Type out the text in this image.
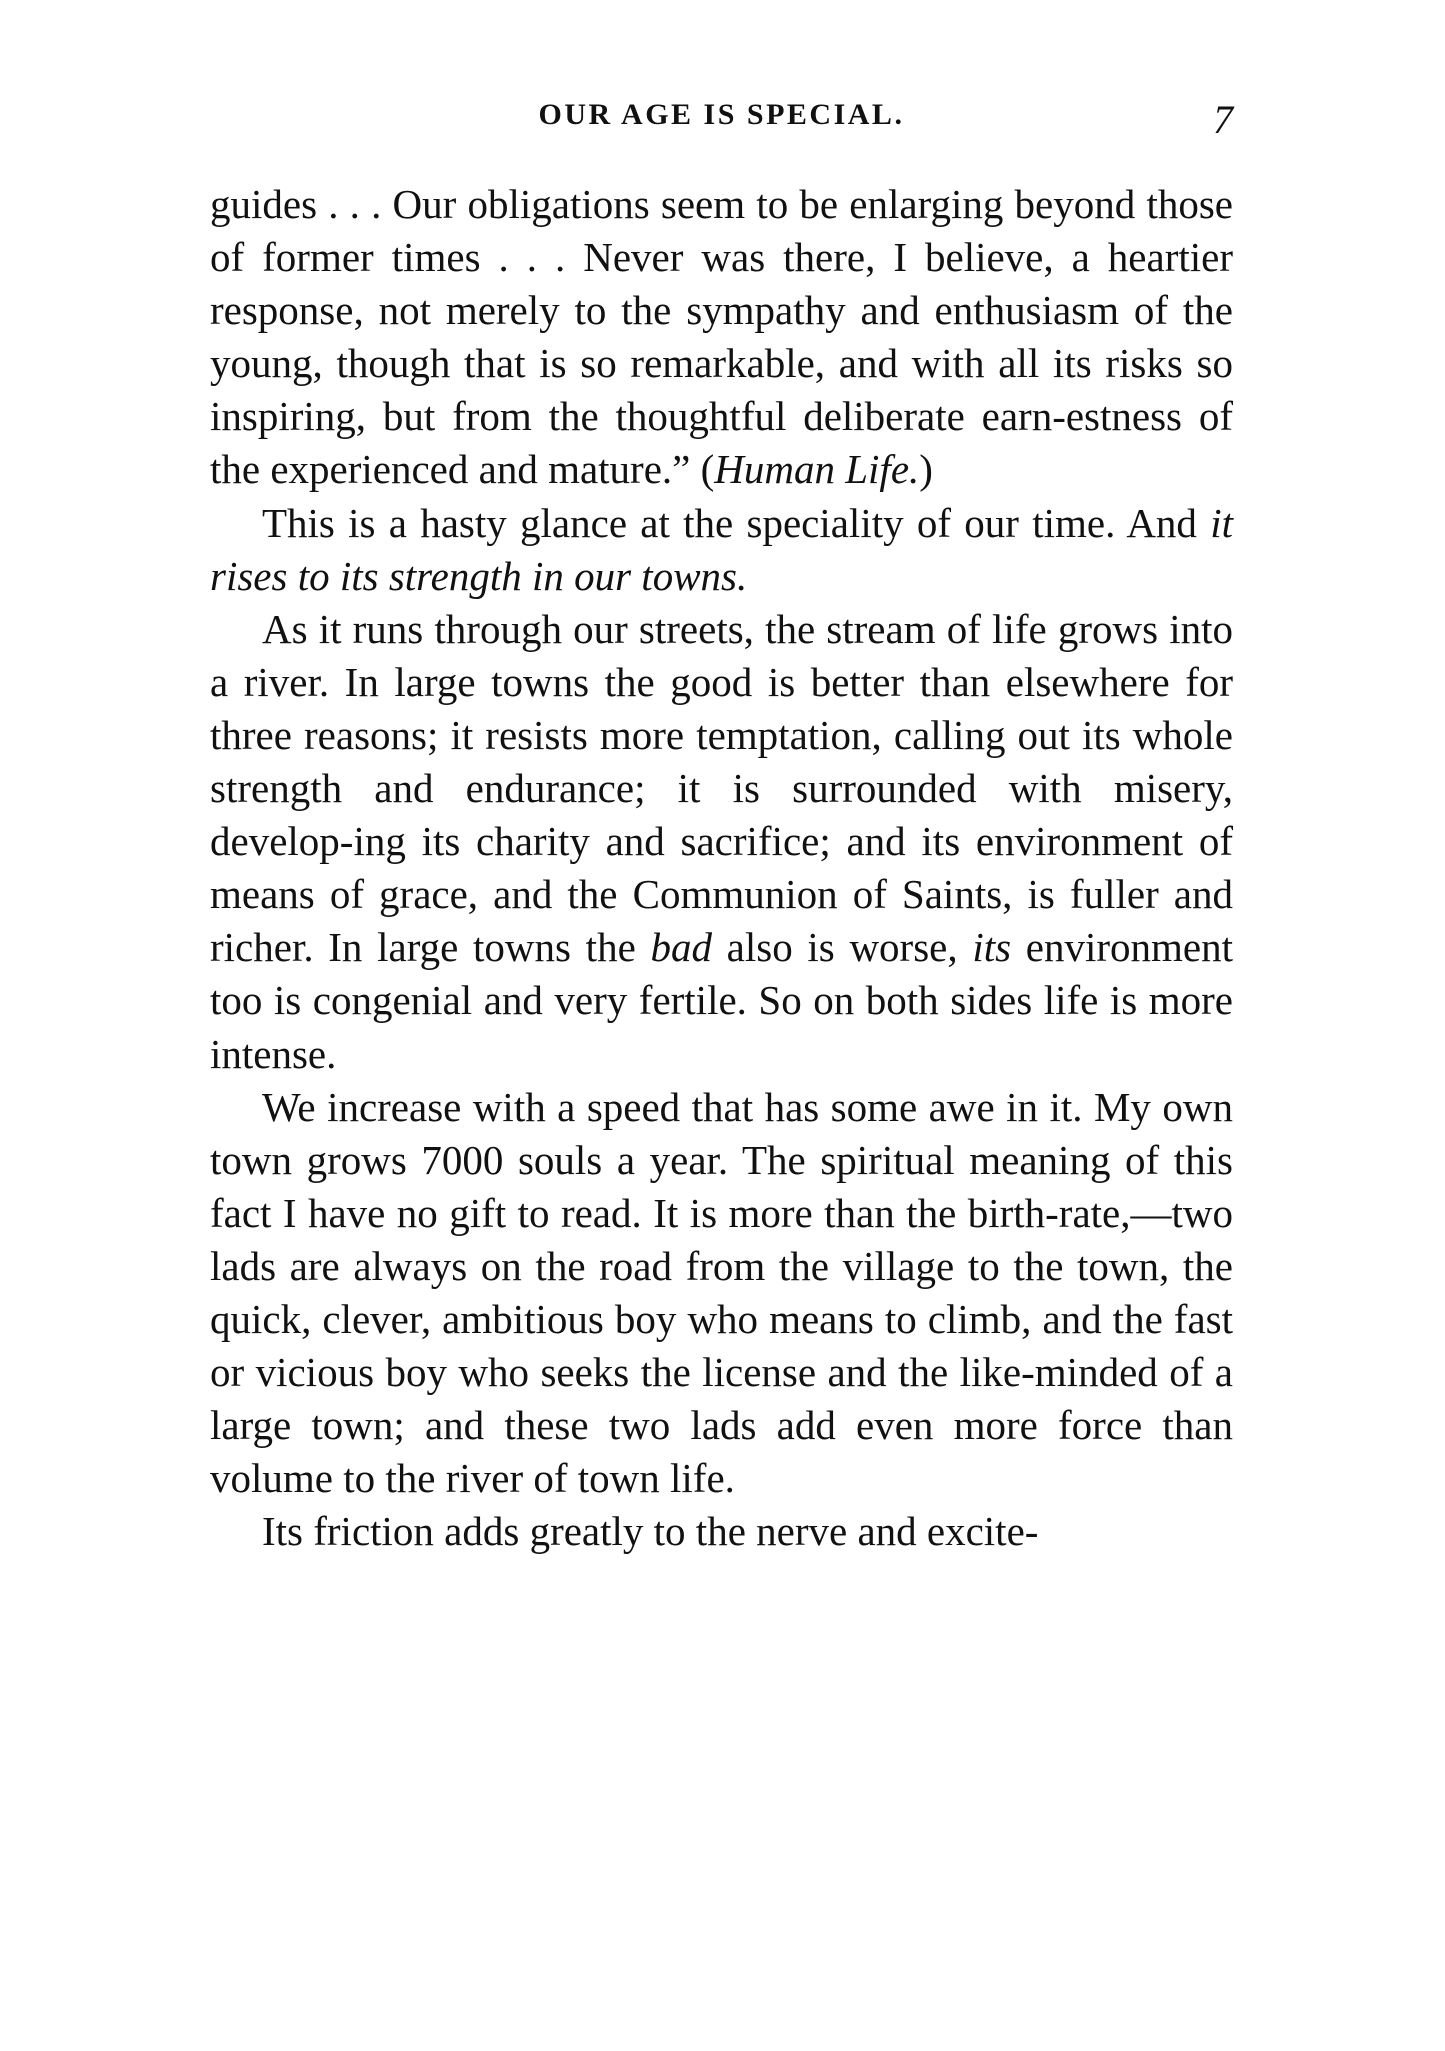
OUR AGE IS SPECIAL.	7

guides . . . Our obligations seem to be enlarging beyond those of former times . . . Never was there, I believe, a heartier response, not merely to the sympathy and enthusiasm of the young, though that is so remarkable, and with all its risks so inspiring, but from the thoughtful deliberate earn-estness of the experienced and mature.” (Human Life.)

This is a hasty glance at the speciality of our time. And it rises to its strength in our towns.

As it runs through our streets, the stream of life grows into a river. In large towns the good is better than elsewhere for three reasons; it resists more temptation, calling out its whole strength and endurance; it is surrounded with misery, develop-ing its charity and sacrifice; and its environment of means of grace, and the Communion of Saints, is fuller and richer. In large towns the bad also is worse, its environment too is congenial and very fertile. So on both sides life is more intense.

We increase with a speed that has some awe in it. My own town grows 7000 souls a year. The spiritual meaning of this fact I have no gift to read. It is more than the birth-rate,—two lads are always on the road from the village to the town, the quick, clever, ambitious boy who means to climb, and the fast or vicious boy who seeks the license and the like-minded of a large town; and these two lads add even more force than volume to the river of town life.

Its friction adds greatly to the nerve and excite-
